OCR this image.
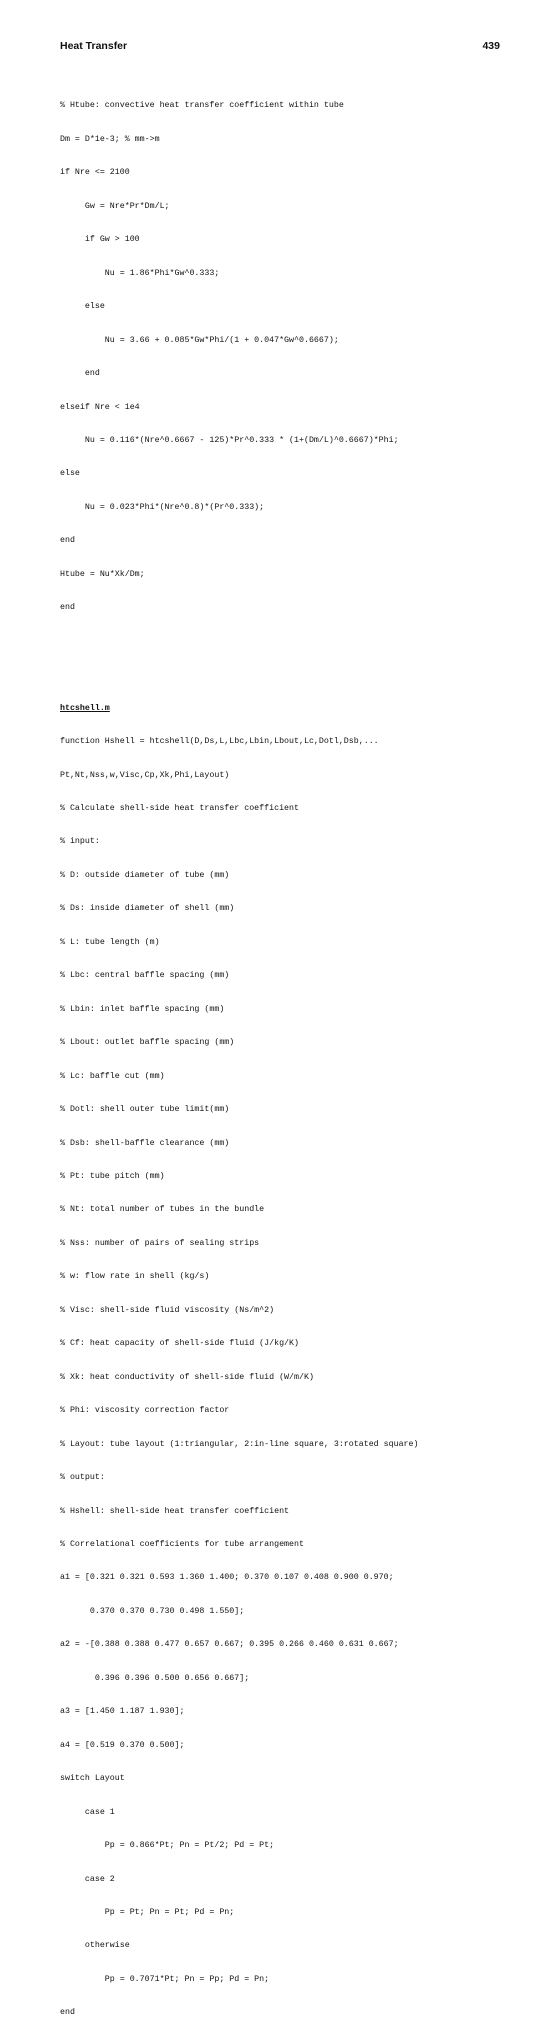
Heat Transfer	439

% Htube: convective heat transfer coefficient within tube

Dm = D*1e-3; % mm->m

if Nre <= 2100

Gw = Nre*Pr*Dm/L;

if Gw > 100

Nu = 1.86*Phi*Gw^0.333;

else

Nu = 3.66 + 0.085*Gw*Phi/(1 + 0.047*Gw^0.6667);

end

elseif Nre < 1e4

Nu = 0.116*(Nre^0.6667 - 125)*Pr^0.333 * (1+(Dm/L)^0.6667)*Phi;

else

Nu = 0.023*Phi*(Nre^0.8)*(Pr^0.333);

end

Htube = Nu*Xk/Dm;

end

htcshell.m

function Hshell = htcshell(D,Ds,L,Lbc,Lbin,Lbout,Lc,Dotl,Dsb,...

Pt,Nt,Nss,w,Visc,Cp,Xk,Phi,Layout)

% Calculate shell-side heat transfer coefficient

% input:

% D: outside diameter of tube (mm)

% Ds: inside diameter of shell (mm)

% L: tube length (m)

% Lbc: central baffle spacing (mm)

% Lbin: inlet baffle spacing (mm)

% Lbout: outlet baffle spacing (mm)

% Lc: baffle cut (mm)

% Dotl: shell outer tube limit(mm)

% Dsb: shell-baffle clearance (mm)

% Pt: tube pitch (mm)

% Nt: total number of tubes in the bundle

% Nss: number of pairs of sealing strips

% w: flow rate in shell (kg/s)

% Visc: shell-side fluid viscosity (Ns/m^2)

% Cf: heat capacity of shell-side fluid (J/kg/K)

% Xk: heat conductivity of shell-side fluid (W/m/K)

% Phi: viscosity correction factor

% Layout: tube layout (1:triangular, 2:in-line square, 3:rotated square)

% output:

% Hshell: shell-side heat transfer coefficient

% Correlational coefficients for tube arrangement

a1 = [0.321 0.321 0.593 1.360 1.400; 0.370 0.107 0.408 0.900 0.970;

0.370 0.370 0.730 0.498 1.550];

a2 = -[0.388 0.388 0.477 0.657 0.667; 0.395 0.266 0.460 0.631 0.667;

0.396 0.396 0.500 0.656 0.667];

a3 = [1.450 1.187 1.930];

a4 = [0.519 0.370 0.500];

switch Layout

case 1

Pp = 0.866*Pt; Pn = Pt/2; Pd = Pt;

case 2

Pp = Pt; Pn = Pt; Pd = Pn;

otherwise

Pp = 0.7071*Pt; Pn = Pp; Pd = Pn;

end
